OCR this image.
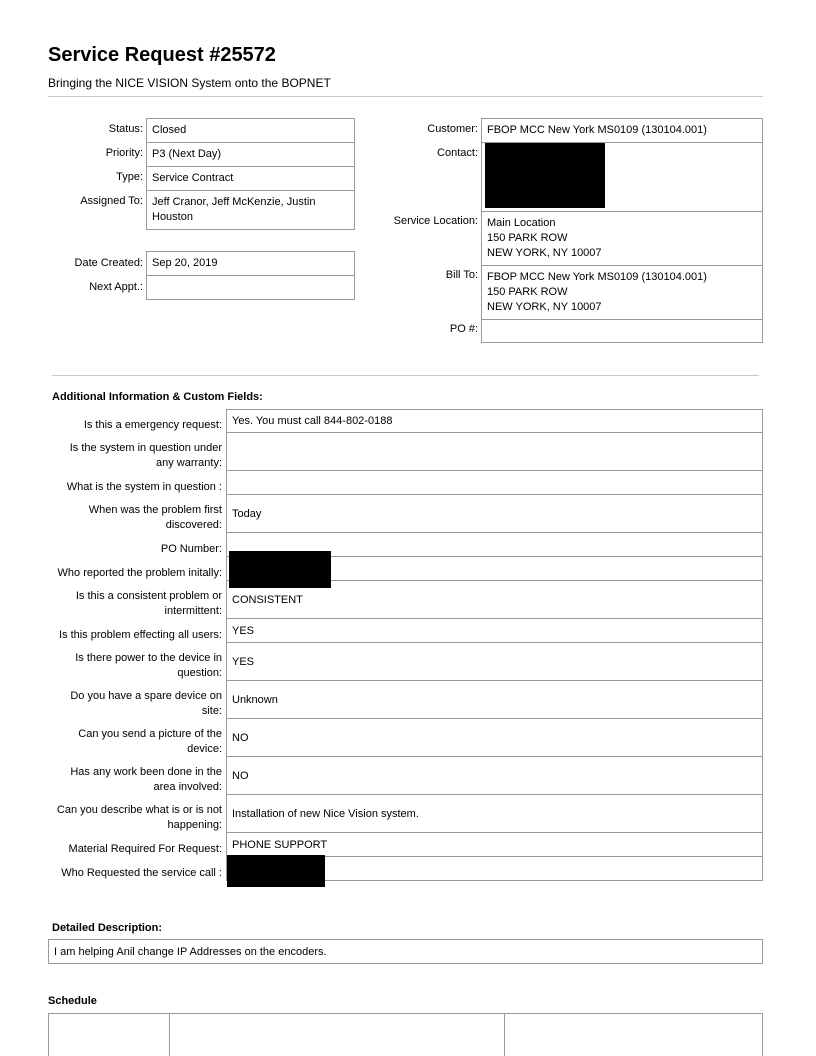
Service Request #25572
Bringing the NICE VISION System onto the BOPNET
Status:
Priority:
Type:
Assigned To:
Closed
P3 (Next Day)
Service Contract
Jeff Cranor, Jeff McKenzie, Justin
Houston
Date Created:
Next Appt.:
Sep 20, 2019
Customer:
Contact:
Service Location:
Bill To:
PO #:
FBOP MCC New York MS0109 (130104.001)
Main Location
150 PARK ROW
NEW YORK, NY 10007
FBOP MCC New York MS0109 (130104.001)
150 PARK ROW
NEW YORK, NY 10007
Additional Information & Custom Fields:
Is this a emergency request: Yes. You must call 844-802-0188
Is the system in question under
any warranty:
What is the system in question :
When was the problem first
discovered:
Today
PO Number:
Who reported the problem initally:
Is this a consistent problem or
intermittent:
CONSISTENT
Is this problem effecting all users: YES
Is there power to the device in
question:
YES
Do you have a spare device on
site:
Unknown
Can you send a picture of the
device:
NO
Has any work been done in the
area involved:
NO
Can you describe what is or is not
happening:
Installation of new Nice Vision system.
Material Required For Request: PHONE SUPPORT
Who Requested the service call :
Detailed Description:
I am helping Anil change IP Addresses on the encoders.
Schedule
